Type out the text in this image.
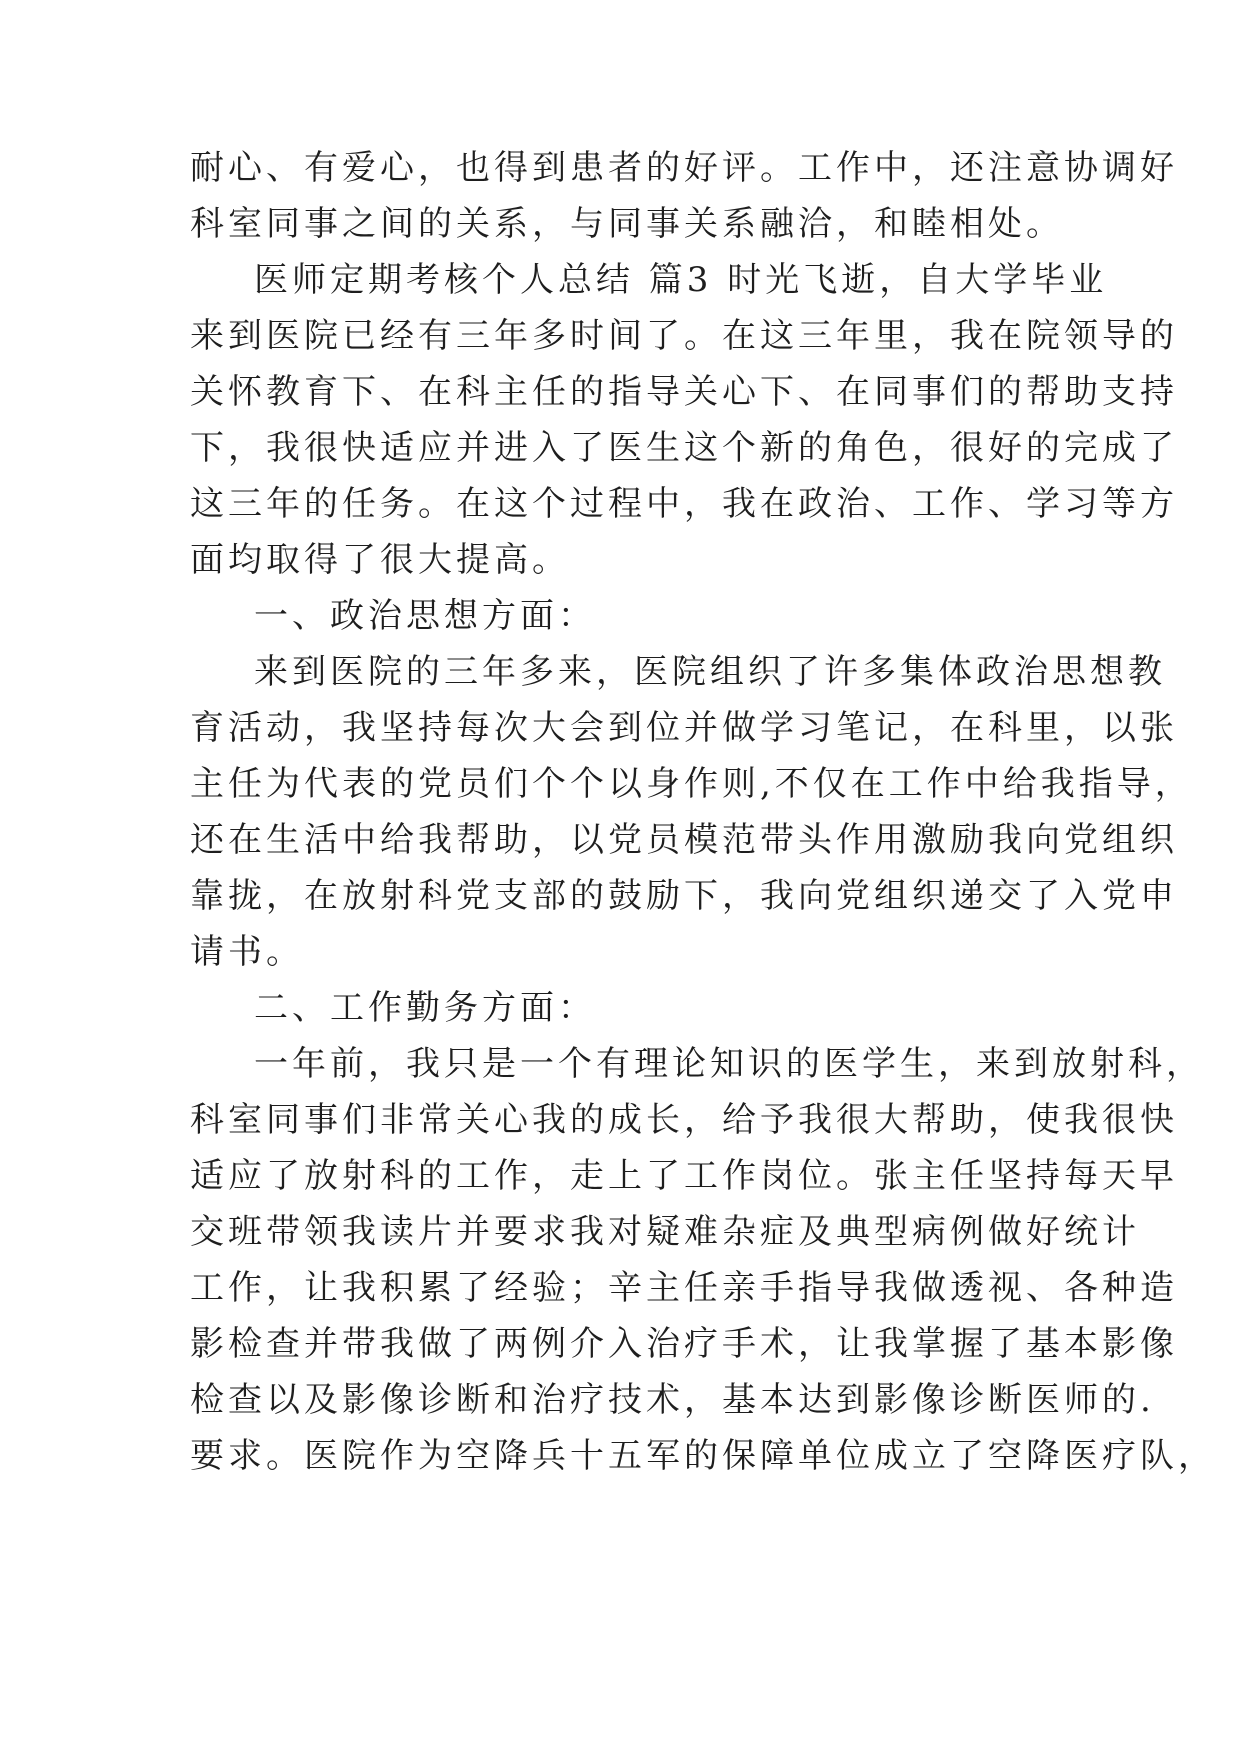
耐心、有爱心，也得到患者的好评。工作中，还注意协调好
科室同事之间的关系，与同事关系融洽，和睦相处。
医师定期考核个人总结 篇3 时光飞逝，自大学毕业
来到医院已经有三年多时间了。在这三年里，我在院领导的
关怀教育下、在科主任的指导关心下、在同事们的帮助支持
下，我很快适应并进入了医生这个新的角色，很好的完成了
这三年的任务。在这个过程中，我在政治、工作、学习等方
面均取得了很大提高。
一、政治思想方面：
来到医院的三年多来，医院组织了许多集体政治思想教
育活动，我坚持每次大会到位并做学习笔记，在科里，以张
主任为代表的党员们个个以身作则,不仅在工作中给我指导，
还在生活中给我帮助，以党员模范带头作用激励我向党组织
靠拢，在放射科党支部的鼓励下，我向党组织递交了入党申
请书。
二、工作勤务方面：
一年前，我只是一个有理论知识的医学生，来到放射科，
科室同事们非常关心我的成长，给予我很大帮助，使我很快
适应了放射科的工作，走上了工作岗位。张主任坚持每天早
交班带领我读片并要求我对疑难杂症及典型病例做好统计
工作，让我积累了经验；辛主任亲手指导我做透视、各种造
影检查并带我做了两例介入治疗手术，让我掌握了基本影像
检查以及影像诊断和治疗技术，基本达到影像诊断医师的.
要求。医院作为空降兵十五军的保障单位成立了空降医疗队，
